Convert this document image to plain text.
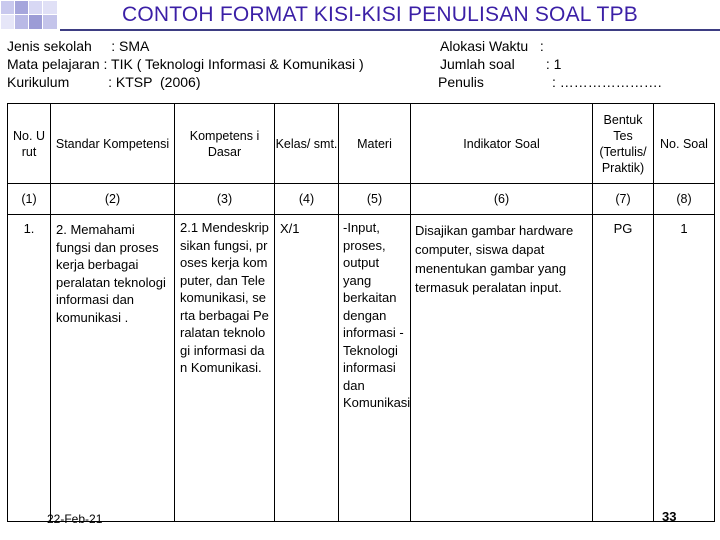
CONTOH FORMAT KISI-KISI PENULISAN SOAL TPB
Jenis sekolah     : SMA
Mata pelajaran : TIK ( Teknologi Informasi & Komunikasi )
Kurikulum          : KTSP  (2006)
Alokasi Waktu   :
Jumlah soal        : 1
Penulis	: ………………….
No. U rut	Standar Kompetensi	Kompetens i Dasar	Kelas/ smt.	Materi	Indikator Soal	Bentuk Tes (Tertulis/ Praktik)	No. Soal
(1)	(2)	(3)	(4)	(5)	(6)	(7)	(8)
1.	2. Memahami fungsi dan proses kerja berbagai peralatan teknologi informasi dan komunikasi .	2.1 Mendeskripsikan fungsi, proses kerja komputer, dan Telekomunikasi, serta berbagai Peralatan teknologi informasi dan Komunikasi.	X/1	-Input, proses, output yang berkaitan dengan informasi -Teknologi informasi dan Komunikasi	Disajikan gambar hardware computer, siswa dapat menentukan gambar yang termasuk peralatan input.	PG	1
22-Feb-21	33
